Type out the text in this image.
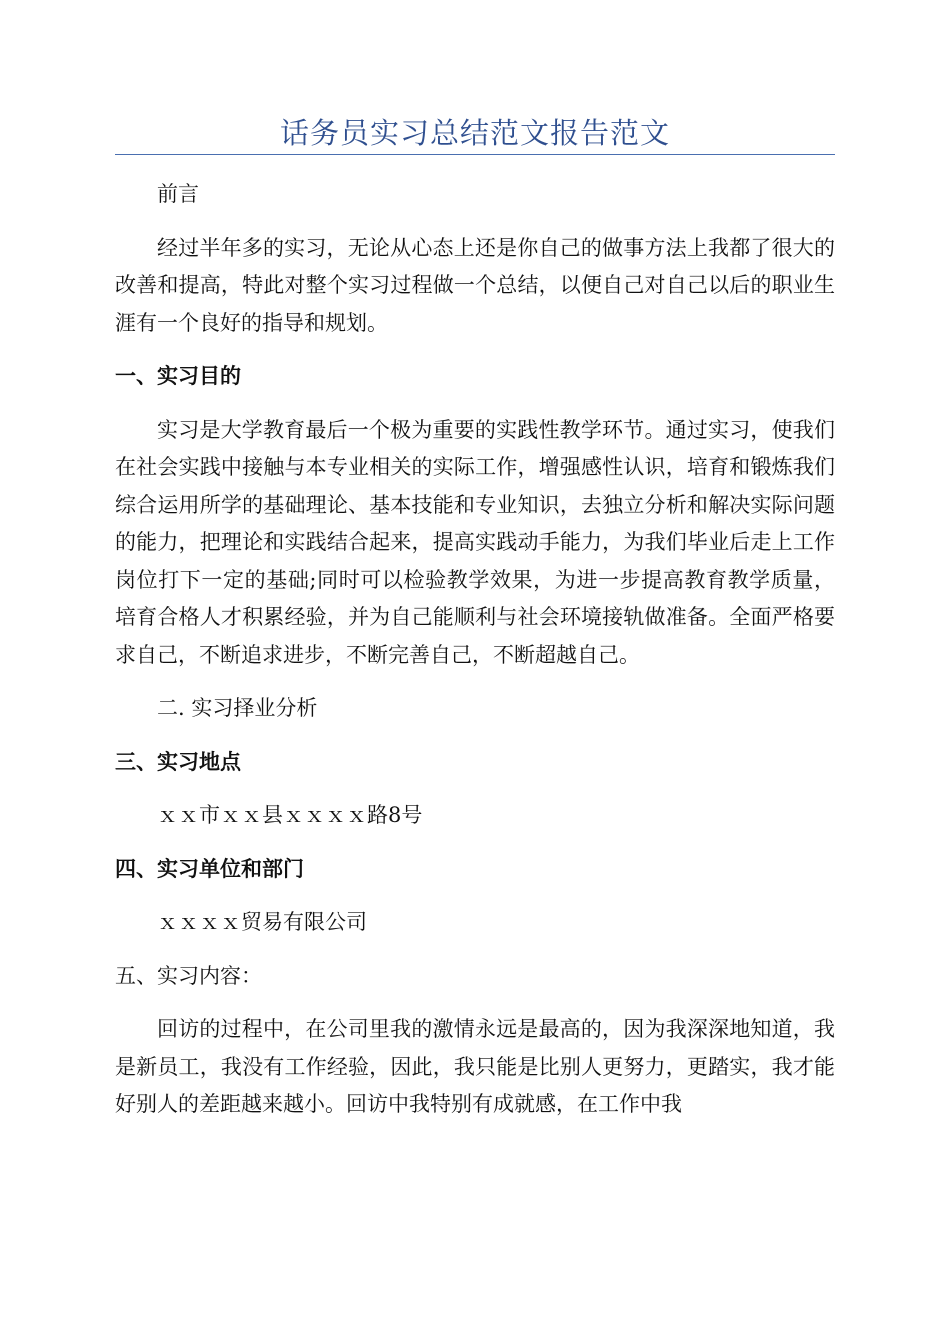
话务员实习总结范文报告范文

前言

经过半年多的实习，无论从心态上还是你自己的做事方法上我都了很大的改善和提高，特此对整个实习过程做一个总结，以便自己对自己以后的职业生涯有一个良好的指导和规划。

一、实习目的

实习是大学教育最后一个极为重要的实践性教学环节。通过实习，使我们在社会实践中接触与本专业相关的实际工作，增强感性认识，培育和锻炼我们综合运用所学的基础理论、基本技能和专业知识，去独立分析和解决实际问题的能力，把理论和实践结合起来，提高实践动手能力，为我们毕业后走上工作岗位打下一定的基础;同时可以检验教学效果，为进一步提高教育教学质量，培育合格人才积累经验，并为自己能顺利与社会环境接轨做准备。全面严格要求自己，不断追求进步，不断完善自己，不断超越自己。

二. 实习择业分析

三、实习地点

ｘｘ市ｘｘ县ｘｘｘｘ路8号

四、实习单位和部门

ｘｘｘｘ贸易有限公司

五、实习内容：

回访的过程中，在公司里我的激情永远是最高的，因为我深深地知道，我是新员工，我没有工作经验，因此，我只能是比别人更努力，更踏实，我才能好别人的差距越来越小。回访中我特别有成就感，在工作中我
